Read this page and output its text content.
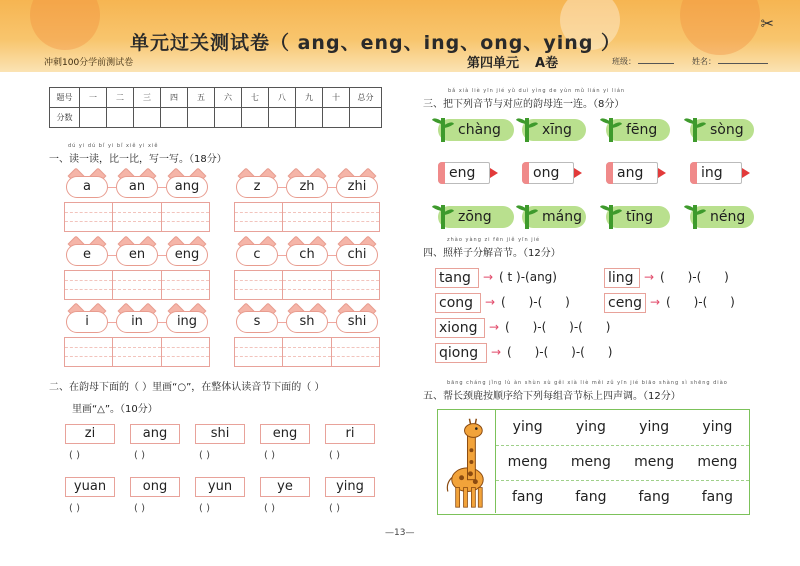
单元过关测试卷（ ang、eng、ing、ong、ying ）
✂
冲刺100分学前测试卷	第四单元 A卷	班级：	姓名：
题号	一	二	三	四	五	六	七	八	九	十	总分
分数											
dú yi dú bǐ yi bǐ xiě yi xiě
一、读一读，比一比，写一写。（18分）
a	an	ang	z	zh	zhi
e	en	eng	c	ch	chi
i	in	ing	s	sh	shi
二、在韵母下面的（ ）里画“○”，在整体认读音节下面的（ ）
里画“△”。（10分）
zi
( )
ang
( )
shi
( )
eng
( )
ri
( )
yuan
( )
ong
( )
yun
( )
ye
( )
ying
( )
bǎ xià liè yīn jié yǔ duì yìng de yùn mǔ lián yi lián
三、把下列音节与对应的韵母连一连。（8分）
chàng	xīng	fēng	sòng
zōng	máng	tīng	néng
eng	ong	ang	ing
zhào yàng zi fēn jiě yīn jié
四、照样子分解音节。（12分）
tang	→ ( t )-(ang)	ling → (      )-(      )
cong → (      )-(      )	ceng → (      )-(      )
xiong → (      )-(      )-(      )
qiong	→ (      )-(      )-(      )
bāng cháng jǐng lù àn shùn xù gěi xià liè měi zǔ yīn jié biāo shàng sì shēng diào
五、帮长颈鹿按顺序给下列每组音节标上四声调。（12分）
ying	ying	ying	ying
meng	meng	meng	meng
fang	fang	fang	fang
—13—
